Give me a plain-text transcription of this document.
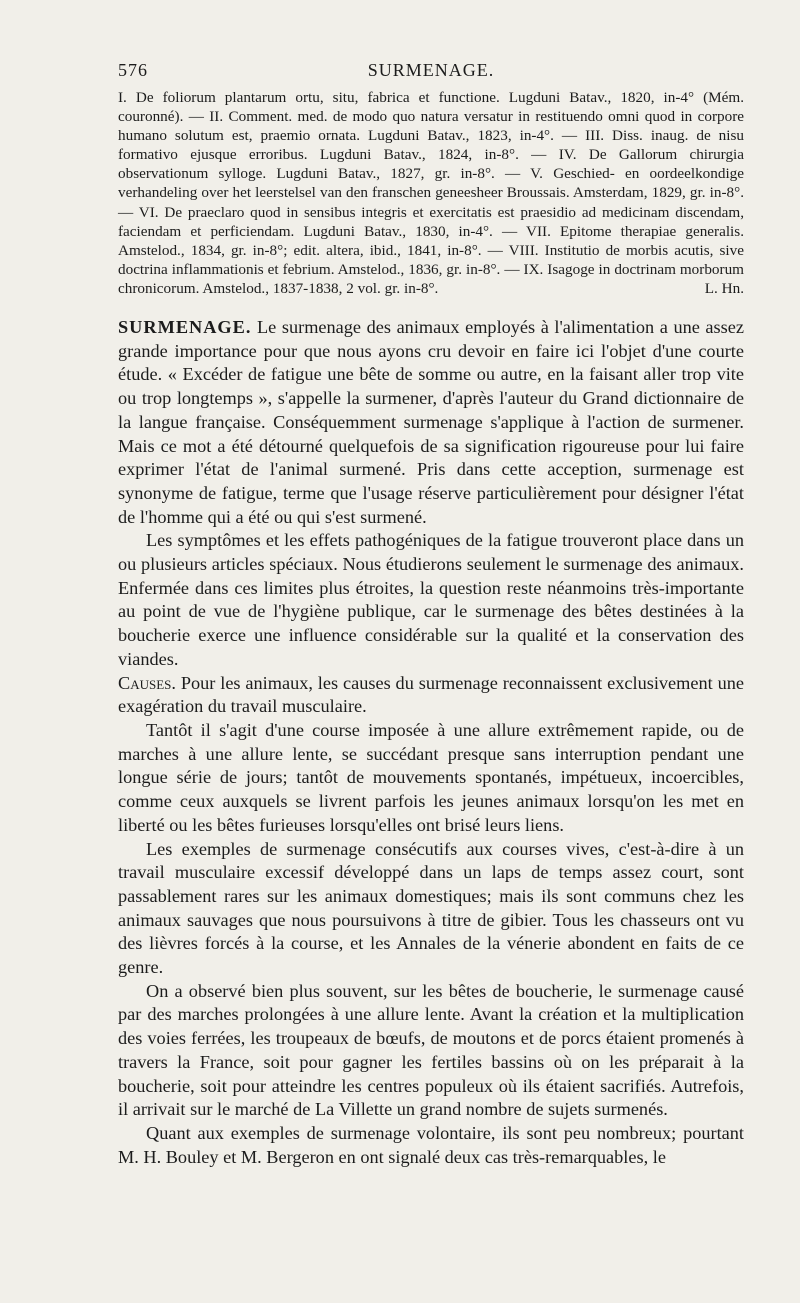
576	SURMENAGE.
I. De foliorum plantarum ortu, situ, fabrica et functione. Lugduni Batav., 1820, in-4° (Mém. couronné). — II. Comment. med. de modo quo natura versatur in restituendo omni quod in corpore humano solutum est, praemio ornata. Lugduni Batav., 1823, in-4°. — III. Diss. inaug. de nisu formativo ejusque erroribus. Lugduni Batav., 1824, in-8°. — IV. De Gallorum chirurgia observationum sylloge. Lugduni Batav., 1827, gr. in-8°. — V. Geschied- en oordeelkondige verhandeling over het leerstelsel van den franschen geneesheer Broussais. Amsterdam, 1829, gr. in-8°. — VI. De praeclaro quod in sensibus integris et exercitatis est praesidio ad medicinam discendam, faciendam et perficiendam. Lugduni Batav., 1830, in-4°. — VII. Epitome therapiae generalis. Amstelod., 1834, gr. in-8°; edit. altera, ibid., 1841, in-8°. — VIII. Institutio de morbis acutis, sive doctrina inflammationis et febrium. Amstelod., 1836, gr. in-8°. — IX. Isagoge in doctrinam morborum chronicorum. Amstelod., 1837-1838, 2 vol. gr. in-8°.	L. Hn.

SURMENAGE. Le surmenage des animaux employés à l'alimentation a une assez grande importance pour que nous ayons cru devoir en faire ici l'objet d'une courte étude. « Excéder de fatigue une bête de somme ou autre, en la faisant aller trop vite ou trop longtemps », s'appelle la surmener, d'après l'auteur du Grand dictionnaire de la langue française. Conséquemment surmenage s'applique à l'action de surmener. Mais ce mot a été détourné quelquefois de sa signification rigoureuse pour lui faire exprimer l'état de l'animal surmené. Pris dans cette acception, surmenage est synonyme de fatigue, terme que l'usage réserve particulièrement pour désigner l'état de l'homme qui a été ou qui s'est surmené.

Les symptômes et les effets pathogéniques de la fatigue trouveront place dans un ou plusieurs articles spéciaux. Nous étudierons seulement le surmenage des animaux. Enfermée dans ces limites plus étroites, la question reste néanmoins très-importante au point de vue de l'hygiène publique, car le surmenage des bêtes destinées à la boucherie exerce une influence considérable sur la qualité et la conservation des viandes.

Causes. Pour les animaux, les causes du surmenage reconnaissent exclusivement une exagération du travail musculaire.

Tantôt il s'agit d'une course imposée à une allure extrêmement rapide, ou de marches à une allure lente, se succédant presque sans interruption pendant une longue série de jours; tantôt de mouvements spontanés, impétueux, incoercibles, comme ceux auxquels se livrent parfois les jeunes animaux lorsqu'on les met en liberté ou les bêtes furieuses lorsqu'elles ont brisé leurs liens.

Les exemples de surmenage consécutifs aux courses vives, c'est-à-dire à un travail musculaire excessif développé dans un laps de temps assez court, sont passablement rares sur les animaux domestiques; mais ils sont communs chez les animaux sauvages que nous poursuivons à titre de gibier. Tous les chasseurs ont vu des lièvres forcés à la course, et les Annales de la vénerie abondent en faits de ce genre.

On a observé bien plus souvent, sur les bêtes de boucherie, le surmenage causé par des marches prolongées à une allure lente. Avant la création et la multiplication des voies ferrées, les troupeaux de bœufs, de moutons et de porcs étaient promenés à travers la France, soit pour gagner les fertiles bassins où on les préparait à la boucherie, soit pour atteindre les centres populeux où ils étaient sacrifiés. Autrefois, il arrivait sur le marché de La Villette un grand nombre de sujets surmenés.

Quant aux exemples de surmenage volontaire, ils sont peu nombreux; pourtant M. H. Bouley et M. Bergeron en ont signalé deux cas très-remarquables, le
